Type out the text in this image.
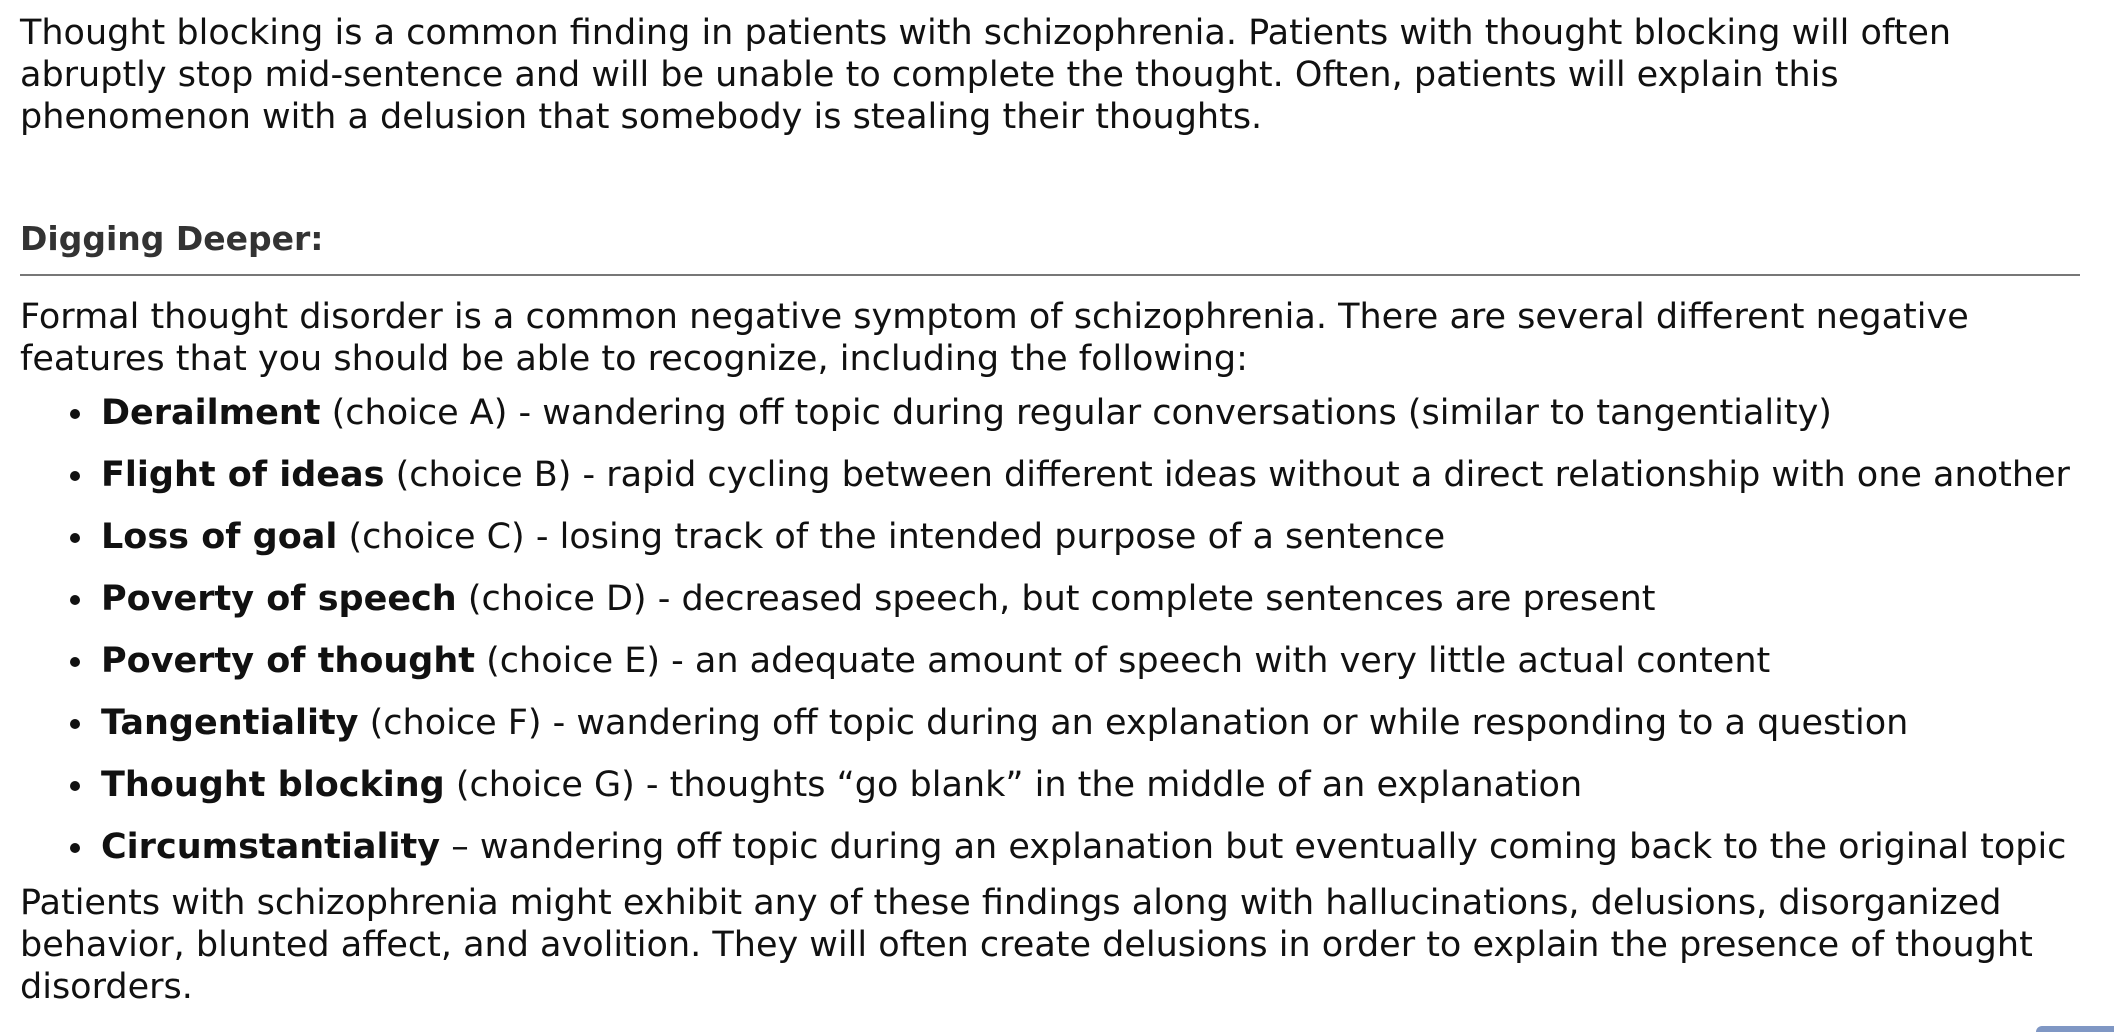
Thought blocking is a common finding in patients with schizophrenia. Patients with thought blocking will often abruptly stop mid-sentence and will be unable to complete the thought. Often, patients will explain this phenomenon with a delusion that somebody is stealing their thoughts.

Digging Deeper:

Formal thought disorder is a common negative symptom of schizophrenia. There are several different negative features that you should be able to recognize, including the following:

Derailment (choice A) - wandering off topic during regular conversations (similar to tangentiality)
Flight of ideas (choice B) - rapid cycling between different ideas without a direct relationship with one another
Loss of goal (choice C) - losing track of the intended purpose of a sentence
Poverty of speech (choice D) - decreased speech, but complete sentences are present
Poverty of thought (choice E) - an adequate amount of speech with very little actual content
Tangentiality (choice F) - wandering off topic during an explanation or while responding to a question
Thought blocking (choice G) - thoughts “go blank” in the middle of an explanation
Circumstantiality – wandering off topic during an explanation but eventually coming back to the original topic

Patients with schizophrenia might exhibit any of these findings along with hallucinations, delusions, disorganized behavior, blunted affect, and avolition. They will often create delusions in order to explain the presence of thought disorders.
